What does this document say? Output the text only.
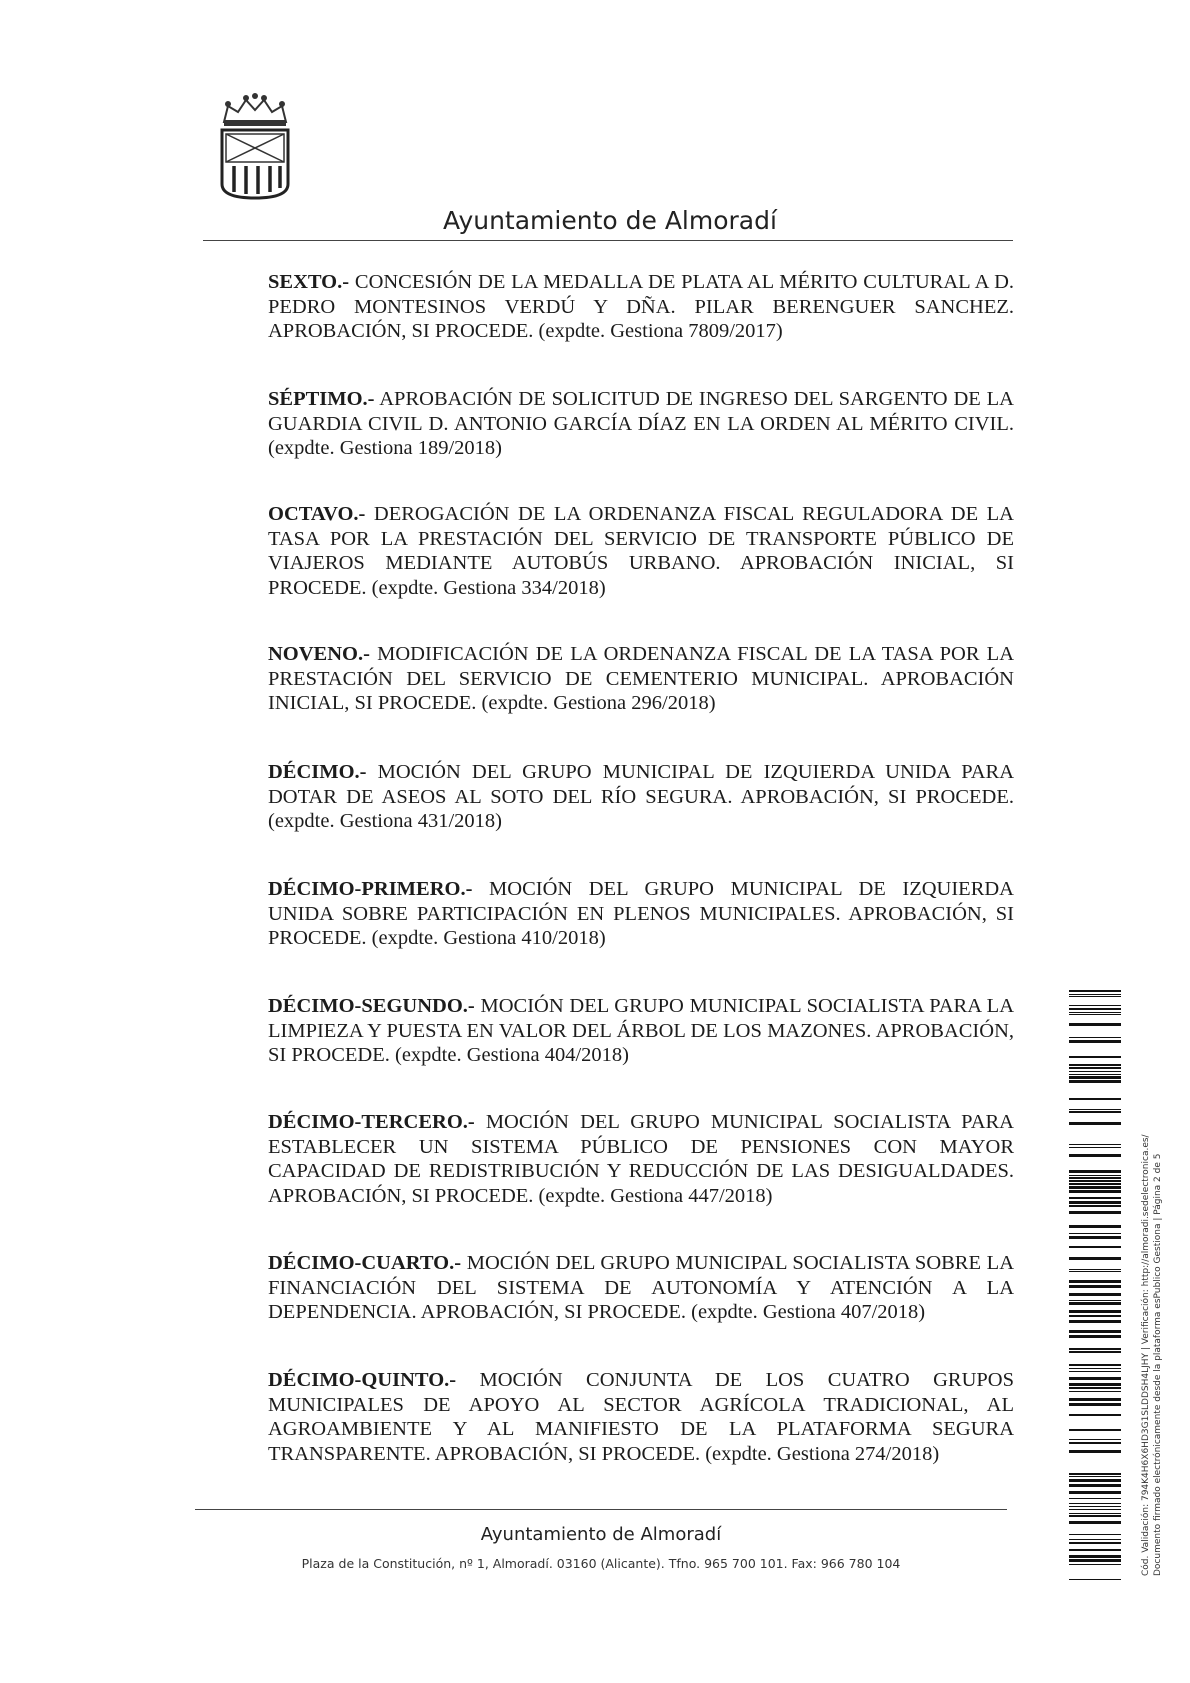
Ayuntamiento de Almoradí
SEXTO.- CONCESIÓN DE LA MEDALLA DE PLATA AL MÉRITO CULTURAL A D. PEDRO MONTESINOS VERDÚ Y DÑA. PILAR BERENGUER SANCHEZ. APROBACIÓN, SI PROCEDE. (expdte. Gestiona 7809/2017)
SÉPTIMO.- APROBACIÓN DE SOLICITUD DE INGRESO DEL SARGENTO DE LA GUARDIA CIVIL D. ANTONIO GARCÍA DÍAZ EN LA ORDEN AL MÉRITO CIVIL. (expdte. Gestiona 189/2018)
OCTAVO.- DEROGACIÓN DE LA ORDENANZA FISCAL REGULADORA DE LA TASA POR LA PRESTACIÓN DEL SERVICIO DE TRANSPORTE PÚBLICO DE VIAJEROS MEDIANTE AUTOBÚS URBANO. APROBACIÓN INICIAL, SI PROCEDE. (expdte. Gestiona 334/2018)
NOVENO.- MODIFICACIÓN DE LA ORDENANZA FISCAL DE LA TASA POR LA PRESTACIÓN DEL SERVICIO DE CEMENTERIO MUNICIPAL. APROBACIÓN INICIAL, SI PROCEDE. (expdte. Gestiona 296/2018)
DÉCIMO.- MOCIÓN DEL GRUPO MUNICIPAL DE IZQUIERDA UNIDA PARA DOTAR DE ASEOS AL SOTO DEL RÍO SEGURA. APROBACIÓN, SI PROCEDE. (expdte. Gestiona 431/2018)
DÉCIMO-PRIMERO.- MOCIÓN DEL GRUPO MUNICIPAL DE IZQUIERDA UNIDA SOBRE PARTICIPACIÓN EN PLENOS MUNICIPALES. APROBACIÓN, SI PROCEDE. (expdte. Gestiona 410/2018)
DÉCIMO-SEGUNDO.- MOCIÓN DEL GRUPO MUNICIPAL SOCIALISTA PARA LA LIMPIEZA Y PUESTA EN VALOR DEL ÁRBOL DE LOS MAZONES. APROBACIÓN, SI PROCEDE. (expdte. Gestiona 404/2018)
DÉCIMO-TERCERO.- MOCIÓN DEL GRUPO MUNICIPAL SOCIALISTA PARA ESTABLECER UN SISTEMA PÚBLICO DE PENSIONES CON MAYOR CAPACIDAD DE REDISTRIBUCIÓN Y REDUCCIÓN DE LAS DESIGUALDADES. APROBACIÓN, SI PROCEDE. (expdte. Gestiona 447/2018)
DÉCIMO-CUARTO.- MOCIÓN DEL GRUPO MUNICIPAL SOCIALISTA SOBRE LA FINANCIACIÓN DEL SISTEMA DE AUTONOMÍA Y ATENCIÓN A LA DEPENDENCIA. APROBACIÓN, SI PROCEDE. (expdte. Gestiona 407/2018)
DÉCIMO-QUINTO.- MOCIÓN CONJUNTA DE LOS CUATRO GRUPOS MUNICIPALES DE APOYO AL SECTOR AGRÍCOLA TRADICIONAL, AL AGROAMBIENTE Y AL MANIFIESTO DE LA PLATAFORMA SEGURA TRANSPARENTE. APROBACIÓN, SI PROCEDE. (expdte. Gestiona 274/2018)
Ayuntamiento de Almoradí
Plaza de la Constitución, nº 1, Almoradí. 03160 (Alicante). Tfno. 965 700 101. Fax: 966 780 104	Cód. Validación: 794K4H6X6HD3G1SLDDSH4LJHY | Verificación: http://almoradi.sedelectronica.es/ Documento firmado electrónicamente desde la plataforma esPublico Gestiona | Página 2 de 5
